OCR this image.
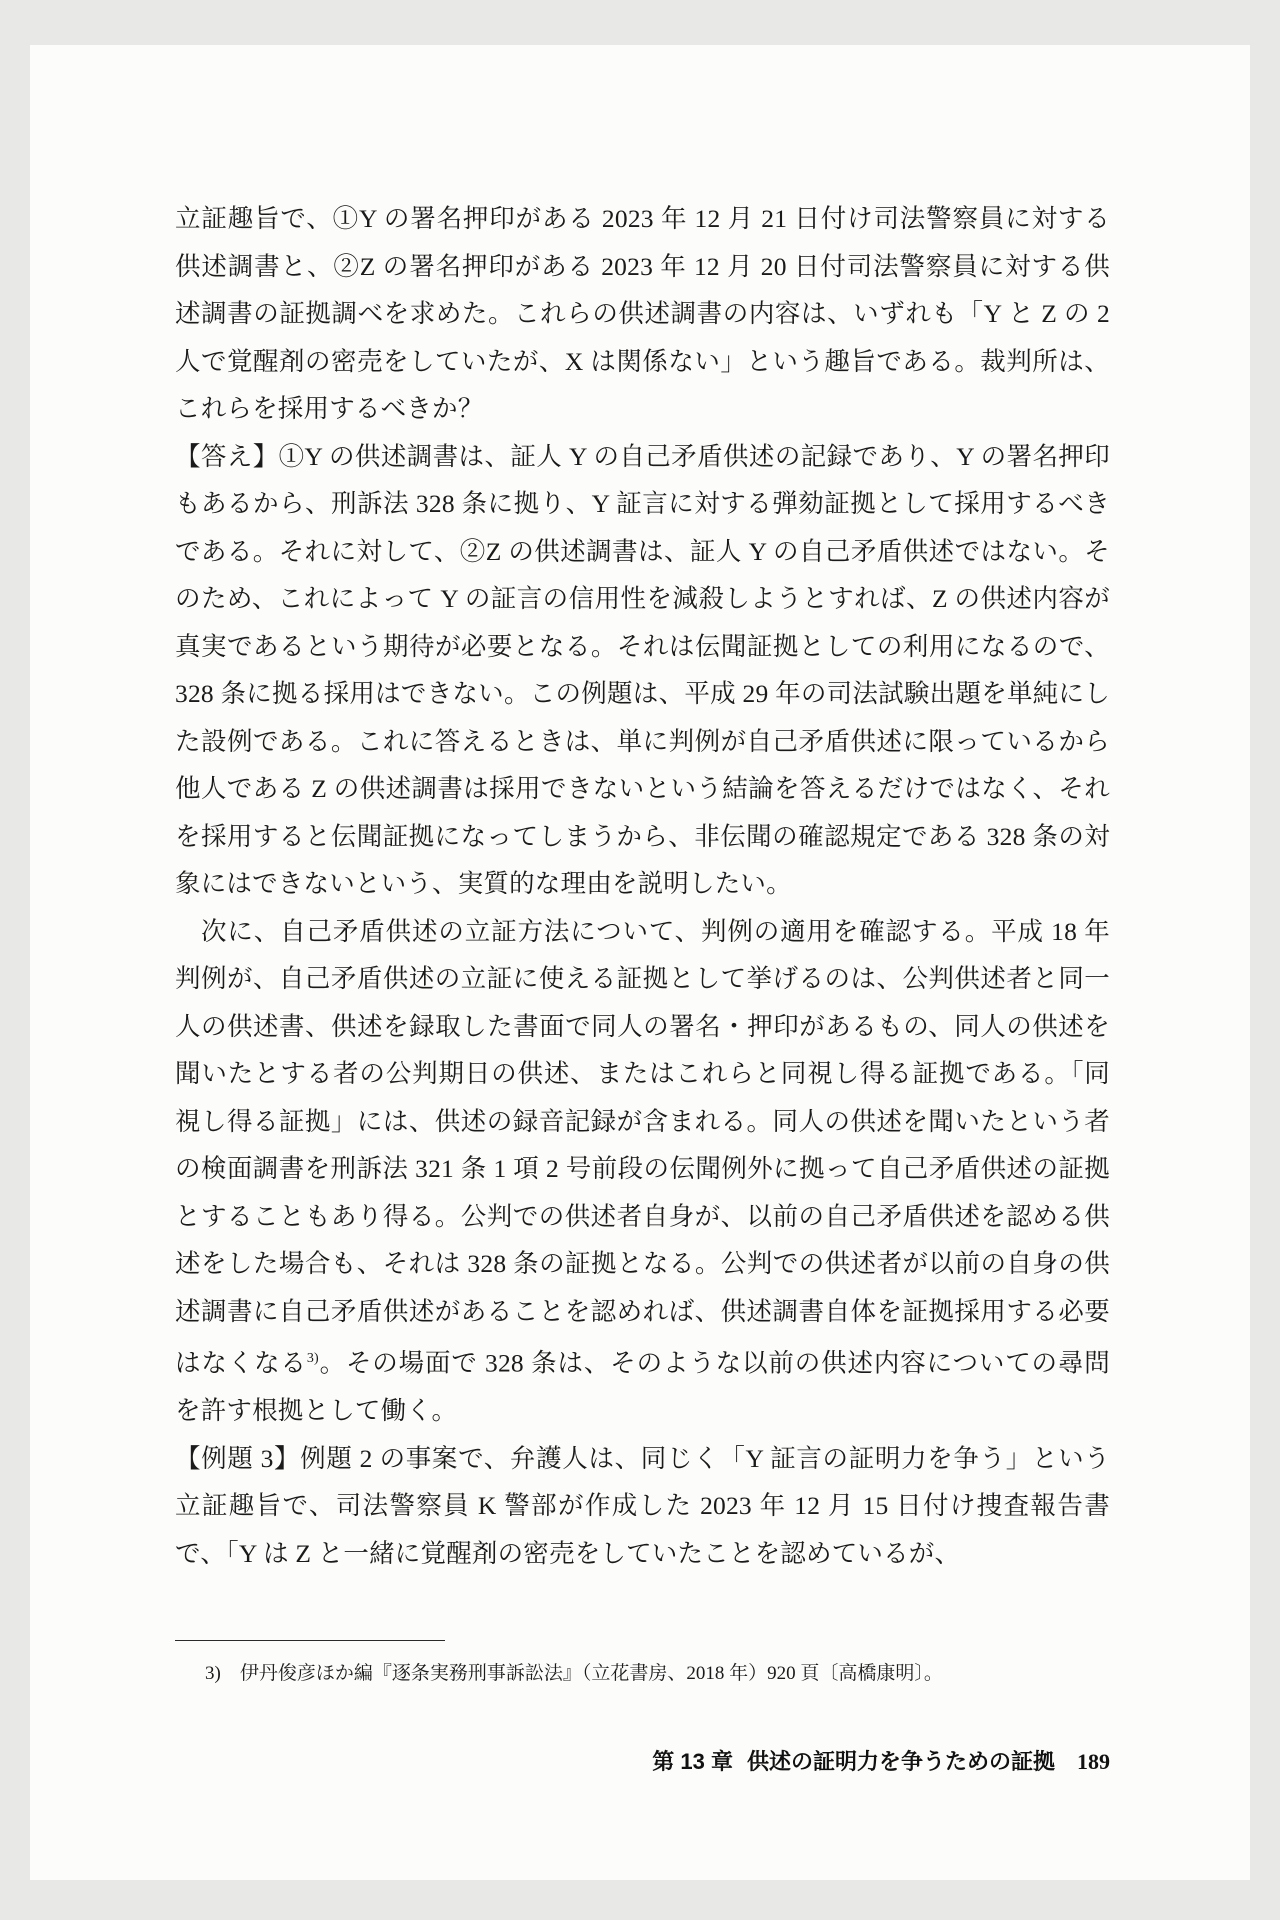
立証趣旨で、①Y の署名押印がある 2023 年 12 月 21 日付け司法警察員に対する供述調書と、②Z の署名押印がある 2023 年 12 月 20 日付司法警察員に対する供述調書の証拠調べを求めた。これらの供述調書の内容は、いずれも「Y と Z の 2 人で覚醒剤の密売をしていたが、X は関係ない」という趣旨である。裁判所は、これらを採用するべきか？

【答え】①Y の供述調書は、証人 Y の自己矛盾供述の記録であり、Y の署名押印もあるから、刑訴法 328 条に拠り、Y 証言に対する弾劾証拠として採用するべきである。それに対して、②Z の供述調書は、証人 Y の自己矛盾供述ではない。そのため、これによって Y の証言の信用性を減殺しようとすれば、Z の供述内容が真実であるという期待が必要となる。それは伝聞証拠としての利用になるので、328 条に拠る採用はできない。この例題は、平成 29 年の司法試験出題を単純にした設例である。これに答えるときは、単に判例が自己矛盾供述に限っているから他人である Z の供述調書は採用できないという結論を答えるだけではなく、それを採用すると伝聞証拠になってしまうから、非伝聞の確認規定である 328 条の対象にはできないという、実質的な理由を説明したい。

次に、自己矛盾供述の立証方法について、判例の適用を確認する。平成 18 年判例が、自己矛盾供述の立証に使える証拠として挙げるのは、公判供述者と同一人の供述書、供述を録取した書面で同人の署名・押印があるもの、同人の供述を聞いたとする者の公判期日の供述、またはこれらと同視し得る証拠である。「同視し得る証拠」には、供述の録音記録が含まれる。同人の供述を聞いたという者の検面調書を刑訴法 321 条 1 項 2 号前段の伝聞例外に拠って自己矛盾供述の証拠とすることもあり得る。公判での供述者自身が、以前の自己矛盾供述を認める供述をした場合も、それは 328 条の証拠となる。公判での供述者が以前の自身の供述調書に自己矛盾供述があることを認めれば、供述調書自体を証拠採用する必要はなくなる$^{3)}$。その場面で 328 条は、そのような以前の供述内容についての尋問を許す根拠として働く。

【例題 3】例題 2 の事案で、弁護人は、同じく「Y 証言の証明力を争う」という立証趣旨で、司法警察員 K 警部が作成した 2023 年 12 月 15 日付け捜査報告書で、「Y は Z と一緒に覚醒剤の密売をしていたことを認めているが、

3) 伊丹俊彦ほか編『逐条実務刑事訴訟法』（立花書房、2018 年）920 頁〔高橋康明〕。
第 13 章 供述の証明力を争うための証拠 189
